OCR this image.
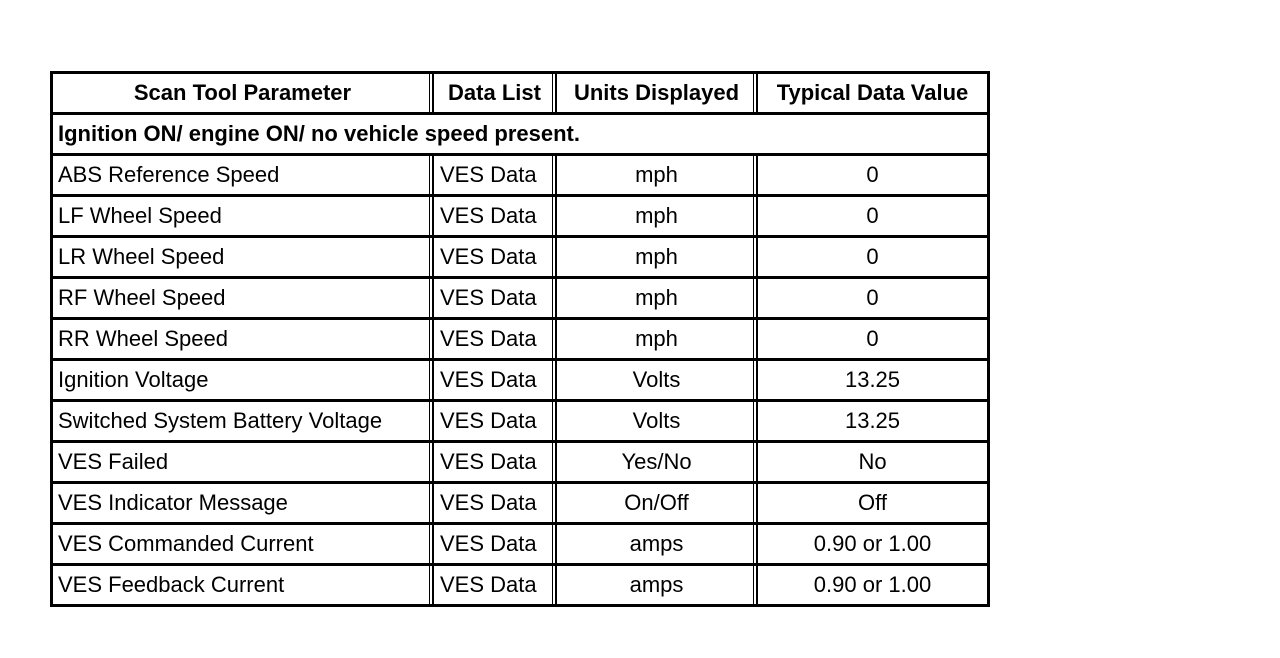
Scan Tool Parameter	Data List	Units Displayed	Typical Data Value
Ignition ON/ engine ON/ no vehicle speed present.			
ABS Reference Speed	VES Data	mph	0
LF Wheel Speed	VES Data	mph	0
LR Wheel Speed	VES Data	mph	0
RF Wheel Speed	VES Data	mph	0
RR Wheel Speed	VES Data	mph	0
Ignition Voltage	VES Data	Volts	13.25
Switched System Battery Voltage	VES Data	Volts	13.25
VES Failed	VES Data	Yes/No	No
VES Indicator Message	VES Data	On/Off	Off
VES Commanded Current	VES Data	amps	0.90 or 1.00
VES Feedback Current	VES Data	amps	0.90 or 1.00
